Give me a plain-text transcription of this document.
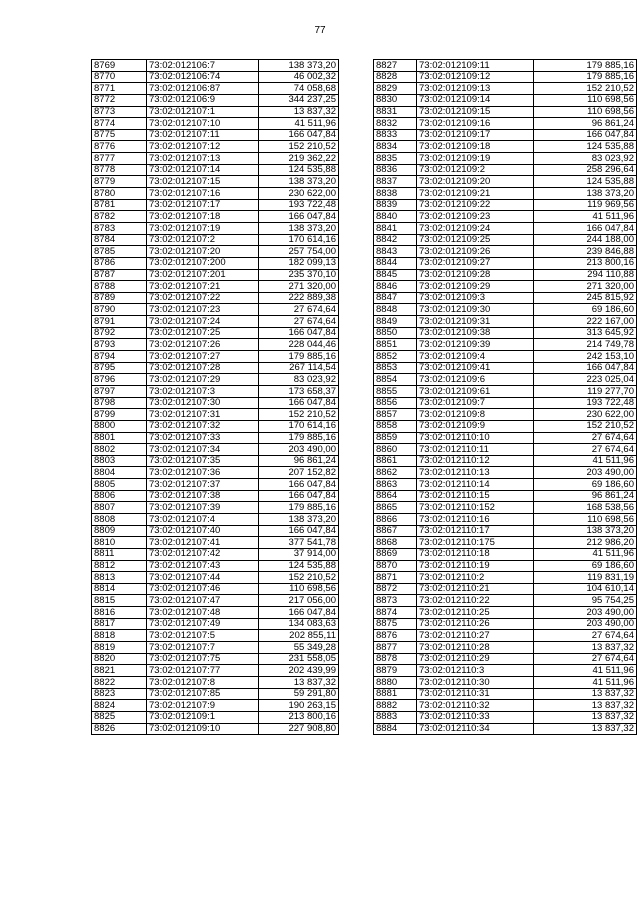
77
8769	73:02:012106:7	138 373,20
8770	73:02:012106:74	46 002,32
8771	73:02:012106:87	74 058,68
8772	73:02:012106:9	344 237,25
8773	73:02:012107:1	13 837,32
8774	73:02:012107:10	41 511,96
8775	73:02:012107:11	166 047,84
8776	73:02:012107:12	152 210,52
8777	73:02:012107:13	219 362,22
8778	73:02:012107:14	124 535,88
8779	73:02:012107:15	138 373,20
8780	73:02:012107:16	230 622,00
8781	73:02:012107:17	193 722,48
8782	73:02:012107:18	166 047,84
8783	73:02:012107:19	138 373,20
8784	73:02:012107:2	170 614,16
8785	73:02:012107:20	257 754,00
8786	73:02:012107:200	182 099,13
8787	73:02:012107:201	235 370,10
8788	73:02:012107:21	271 320,00
8789	73:02:012107:22	222 889,38
8790	73:02:012107:23	27 674,64
8791	73:02:012107:24	27 674,64
8792	73:02:012107:25	166 047,84
8793	73:02:012107:26	228 044,46
8794	73:02:012107:27	179 885,16
8795	73:02:012107:28	267 114,54
8796	73:02:012107:29	83 023,92
8797	73:02:012107:3	173 658,37
8798	73:02:012107:30	166 047,84
8799	73:02:012107:31	152 210,52
8800	73:02:012107:32	170 614,16
8801	73:02:012107:33	179 885,16
8802	73:02:012107:34	203 490,00
8803	73:02:012107:35	96 861,24
8804	73:02:012107:36	207 152,82
8805	73:02:012107:37	166 047,84
8806	73:02:012107:38	166 047,84
8807	73:02:012107:39	179 885,16
8808	73:02:012107:4	138 373,20
8809	73:02:012107:40	166 047,84
8810	73:02:012107:41	377 541,78
8811	73:02:012107:42	37 914,00
8812	73:02:012107:43	124 535,88
8813	73:02:012107:44	152 210,52
8814	73:02:012107:46	110 698,56
8815	73:02:012107:47	217 056,00
8816	73:02:012107:48	166 047,84
8817	73:02:012107:49	134 083,63
8818	73:02:012107:5	202 855,11
8819	73:02:012107:7	55 349,28
8820	73:02:012107:75	231 558,05
8821	73:02:012107:77	202 439,99
8822	73:02:012107:8	13 837,32
8823	73:02:012107:85	59 291,80
8824	73:02:012107:9	190 263,15
8825	73:02:012109:1	213 800,16
8826	73:02:012109:10	227 908,80
8827	73:02:012109:11	179 885,16
8828	73:02:012109:12	179 885,16
8829	73:02:012109:13	152 210,52
8830	73:02:012109:14	110 698,56
8831	73:02:012109:15	110 698,56
8832	73:02:012109:16	96 861,24
8833	73:02:012109:17	166 047,84
8834	73:02:012109:18	124 535,88
8835	73:02:012109:19	83 023,92
8836	73:02:012109:2	258 296,64
8837	73:02:012109:20	124 535,88
8838	73:02:012109:21	138 373,20
8839	73:02:012109:22	119 969,56
8840	73:02:012109:23	41 511,96
8841	73:02:012109:24	166 047,84
8842	73:02:012109:25	244 188,00
8843	73:02:012109:26	239 846,88
8844	73:02:012109:27	213 800,16
8845	73:02:012109:28	294 110,88
8846	73:02:012109:29	271 320,00
8847	73:02:012109:3	245 815,92
8848	73:02:012109:30	69 186,60
8849	73:02:012109:31	222 167,00
8850	73:02:012109:38	313 645,92
8851	73:02:012109:39	214 749,78
8852	73:02:012109:4	242 153,10
8853	73:02:012109:41	166 047,84
8854	73:02:012109:6	223 025,04
8855	73:02:012109:61	119 277,70
8856	73:02:012109:7	193 722,48
8857	73:02:012109:8	230 622,00
8858	73:02:012109:9	152 210,52
8859	73:02:012110:10	27 674,64
8860	73:02:012110:11	27 674,64
8861	73:02:012110:12	41 511,96
8862	73:02:012110:13	203 490,00
8863	73:02:012110:14	69 186,60
8864	73:02:012110:15	96 861,24
8865	73:02:012110:152	168 538,56
8866	73:02:012110:16	110 698,56
8867	73:02:012110:17	138 373,20
8868	73:02:012110:175	212 986,20
8869	73:02:012110:18	41 511,96
8870	73:02:012110:19	69 186,60
8871	73:02:012110:2	119 831,19
8872	73:02:012110:21	104 610,14
8873	73:02:012110:22	95 754,25
8874	73:02:012110:25	203 490,00
8875	73:02:012110:26	203 490,00
8876	73:02:012110:27	27 674,64
8877	73:02:012110:28	13 837,32
8878	73:02:012110:29	27 674,64
8879	73:02:012110:3	41 511,96
8880	73:02:012110:30	41 511,96
8881	73:02:012110:31	13 837,32
8882	73:02:012110:32	13 837,32
8883	73:02:012110:33	13 837,32
8884	73:02:012110:34	13 837,32
